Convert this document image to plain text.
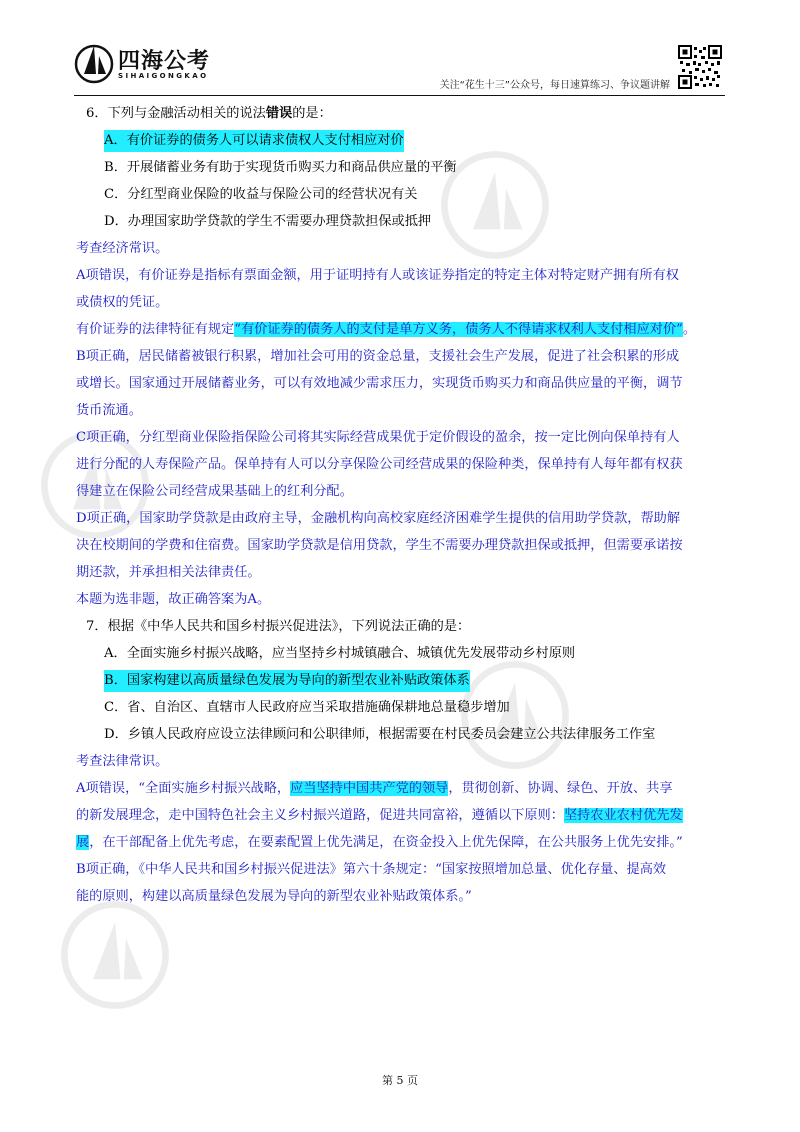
四海公考
SIHAIGONGKAO
关注“花生十三”公众号，每日速算练习、争议题讲解
6．下列与金融活动相关的说法错误的是：
A．有价证券的债务人可以请求债权人支付相应对价
B．开展储蓄业务有助于实现货币购买力和商品供应量的平衡
C．分红型商业保险的收益与保险公司的经营状况有关
D．办理国家助学贷款的学生不需要办理贷款担保或抵押
考查经济常识。
A项错误，有价证券是指标有票面金额，用于证明持有人或该证券指定的特定主体对特定财产拥有所有权
或债权的凭证。
有价证券的法律特征有规定“有价证券的债务人的支付是单方义务，债务人不得请求权利人支付相应对价”。
B项正确，居民储蓄被银行积累，增加社会可用的资金总量，支援社会生产发展，促进了社会积累的形成
或增长。国家通过开展储蓄业务，可以有效地减少需求压力，实现货币购买力和商品供应量的平衡，调节
货币流通。
C项正确，分红型商业保险指保险公司将其实际经营成果优于定价假设的盈余，按一定比例向保单持有人
进行分配的人寿保险产品。保单持有人可以分享保险公司经营成果的保险种类，保单持有人每年都有权获
得建立在保险公司经营成果基础上的红利分配。
D项正确，国家助学贷款是由政府主导，金融机构向高校家庭经济困难学生提供的信用助学贷款，帮助解
决在校期间的学费和住宿费。国家助学贷款是信用贷款，学生不需要办理贷款担保或抵押，但需要承诺按
期还款，并承担相关法律责任。
本题为选非题，故正确答案为A。
7．根据《中华人民共和国乡村振兴促进法》，下列说法正确的是：
A．全面实施乡村振兴战略，应当坚持乡村城镇融合、城镇优先发展带动乡村原则
B．国家构建以高质量绿色发展为导向的新型农业补贴政策体系
C．省、自治区、直辖市人民政府应当采取措施确保耕地总量稳步增加
D．乡镇人民政府应设立法律顾问和公职律师，根据需要在村民委员会建立公共法律服务工作室
考查法律常识。
A项错误，“全面实施乡村振兴战略，应当坚持中国共产党的领导，贯彻创新、协调、绿色、开放、共享
的新发展理念，走中国特色社会主义乡村振兴道路，促进共同富裕，遵循以下原则：坚持农业农村优先发
展，在干部配备上优先考虑，在要素配置上优先满足，在资金投入上优先保障，在公共服务上优先安排。”
B项正确，《中华人民共和国乡村振兴促进法》第六十条规定：“国家按照增加总量、优化存量、提高效
能的原则，构建以高质量绿色发展为导向的新型农业补贴政策体系。”
第 5 页
